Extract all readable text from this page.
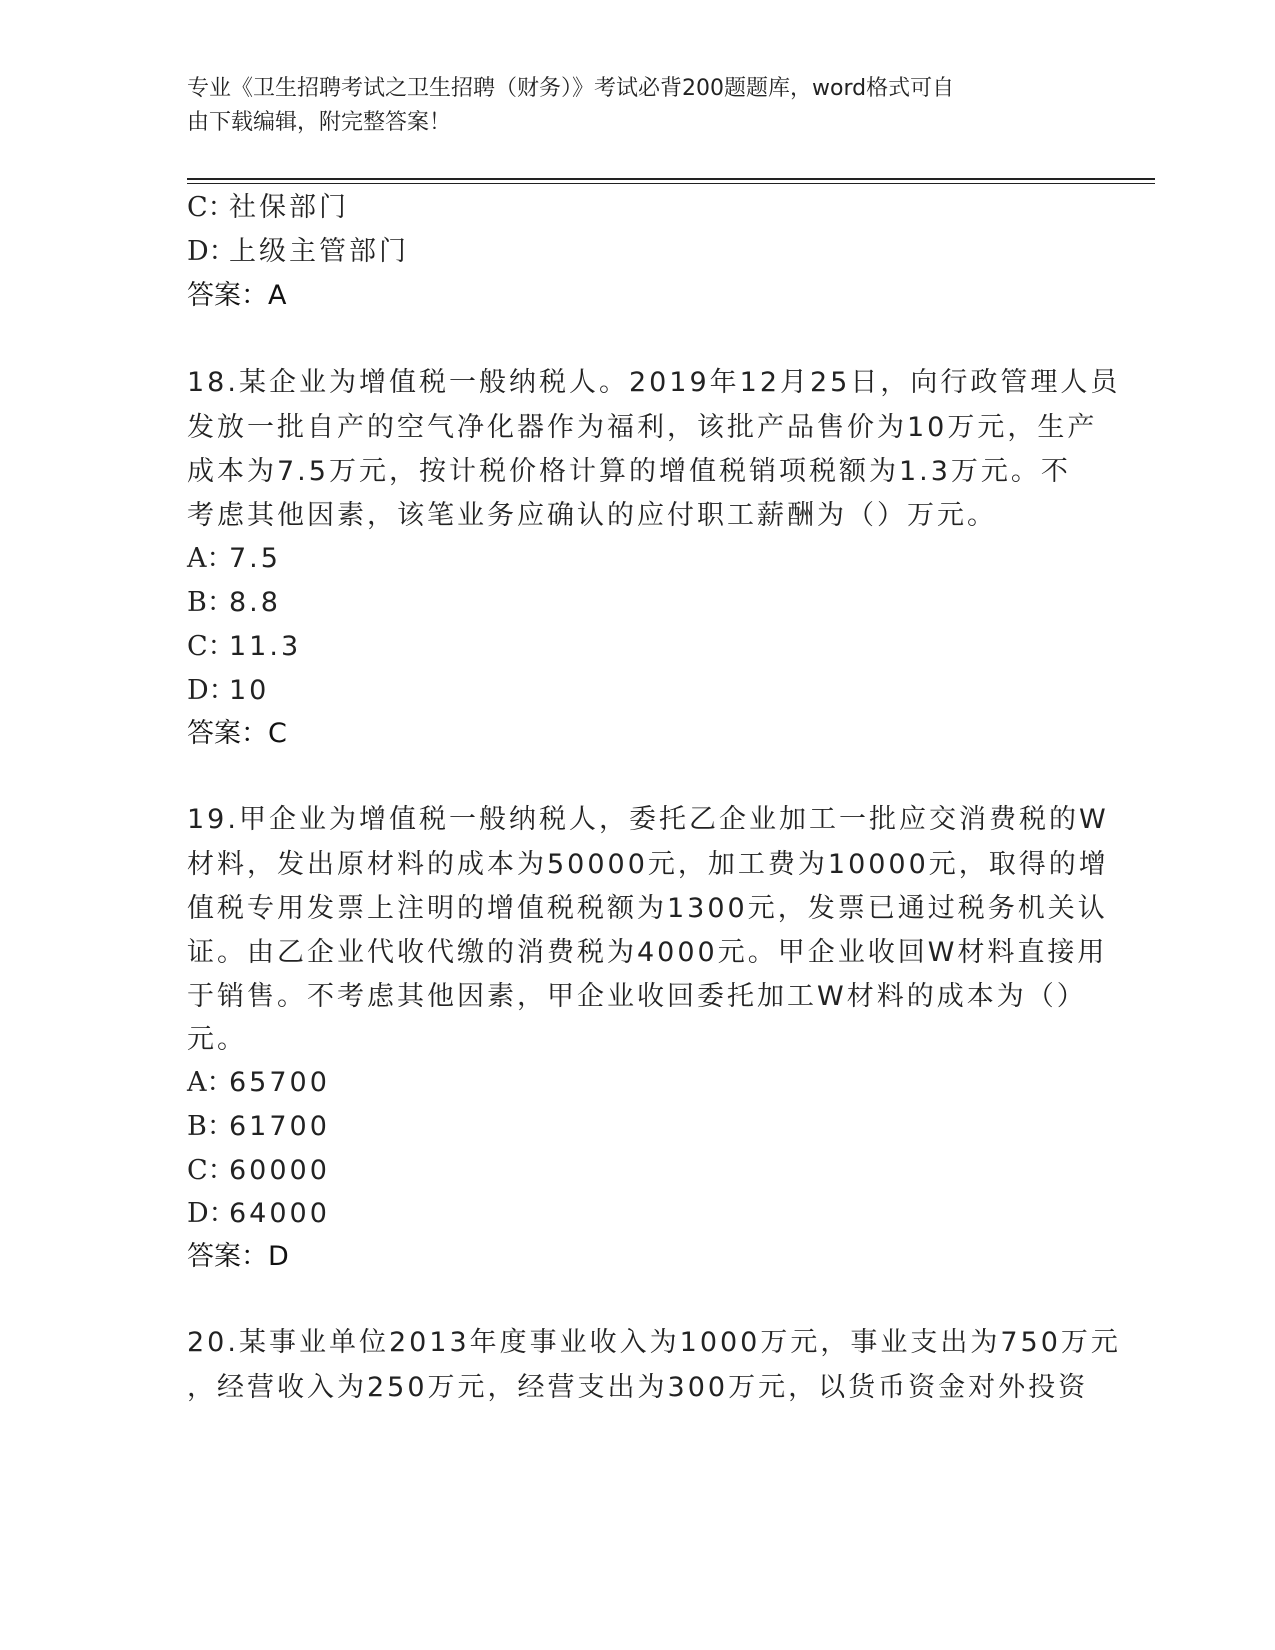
专业《卫生招聘考试之卫生招聘（财务）》考试必背200题题库，word格式可自
由下载编辑，附完整答案！
C：社保部门
D：上级主管部门
答案：A
18.某企业为增值税一般纳税人。2019年12月25日，向行政管理人员
发放一批自产的空气净化器作为福利，该批产品售价为10万元，生产
成本为7.5万元，按计税价格计算的增值税销项税额为1.3万元。不
考虑其他因素，该笔业务应确认的应付职工薪酬为（）万元。
A：7.5
B：8.8
C：11.3
D：10
答案：C
19.甲企业为增值税一般纳税人，委托乙企业加工一批应交消费税的W
材料，发出原材料的成本为50000元，加工费为10000元，取得的增
值税专用发票上注明的增值税税额为1300元，发票已通过税务机关认
证。由乙企业代收代缴的消费税为4000元。甲企业收回W材料直接用
于销售。不考虑其他因素，甲企业收回委托加工W材料的成本为（）
元。
A：65700
B：61700
C：60000
D：64000
答案：D
20.某事业单位2013年度事业收入为1000万元，事业支出为750万元
，经营收入为250万元，经营支出为300万元，以货币资金对外投资
